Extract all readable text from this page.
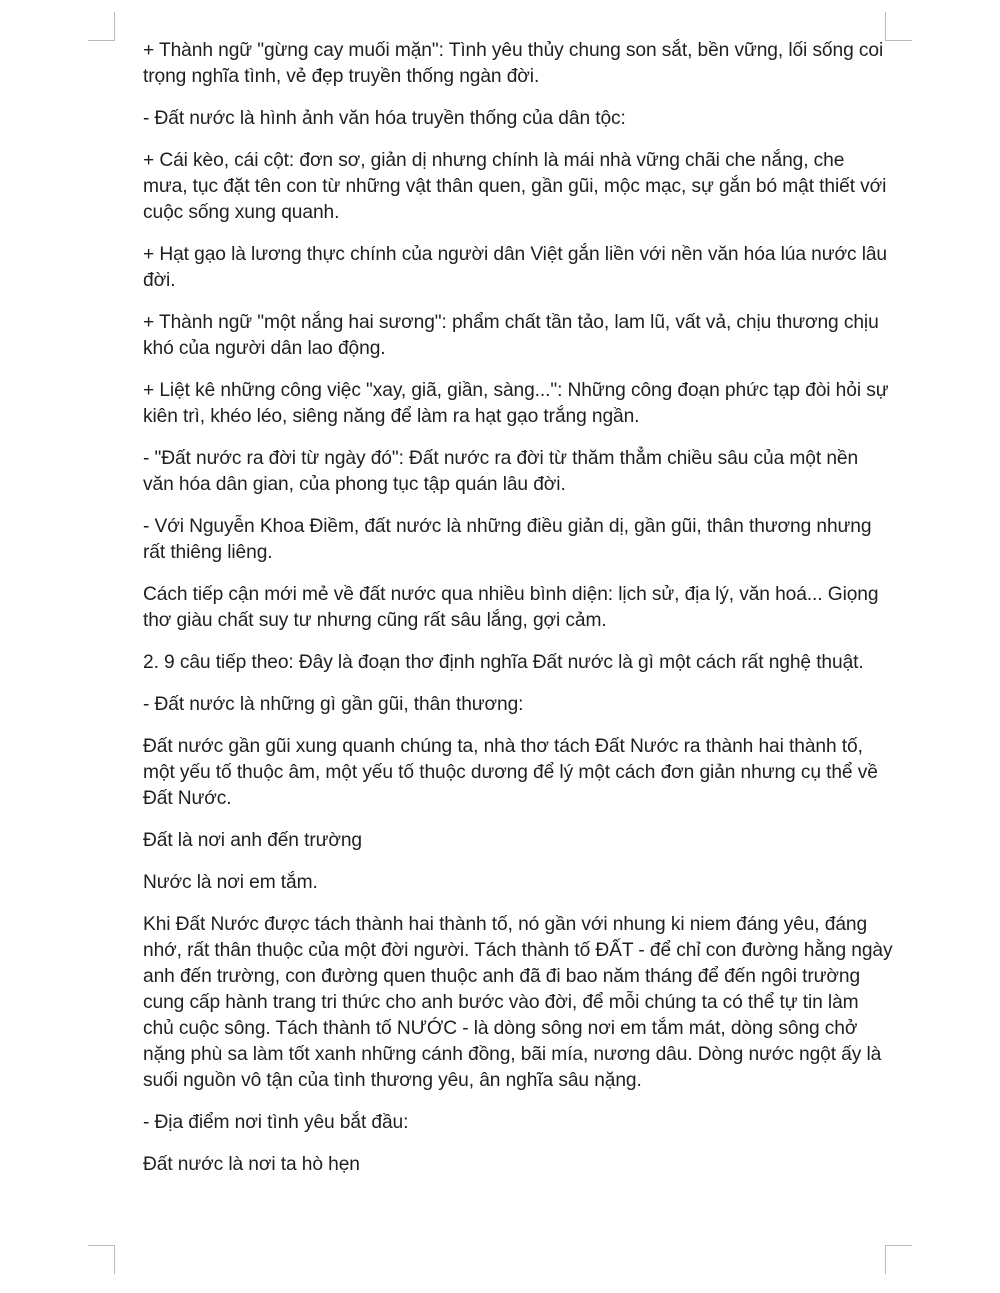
+ Thành ngữ "gừng cay muối mặn": Tình yêu thủy chung son sắt, bền vững, lối sống coi trọng nghĩa tình, vẻ đẹp truyền thống ngàn đời.

- Đất nước là hình ảnh văn hóa truyền thống của dân tộc:

+ Cái kèo, cái cột: đơn sơ, giản dị nhưng chính là mái nhà vững chãi che nắng, che mưa, tục đặt tên con từ những vật thân quen, gần gũi, mộc mạc, sự gắn bó mật thiết với cuộc sống xung quanh.

+ Hạt gạo là lương thực chính của người dân Việt gắn liền với nền văn hóa lúa nước lâu đời.

+ Thành ngữ "một nắng hai sương": phẩm chất tần tảo, lam lũ, vất vả, chịu thương chịu khó của người dân lao động.

+ Liệt kê những công việc "xay, giã, giần, sàng...": Những công đoạn phức tạp đòi hỏi sự kiên trì, khéo léo, siêng năng để làm ra hạt gạo trắng ngần.

- "Đất nước ra đời từ ngày đó": Đất nước ra đời từ thăm thẳm chiều sâu của một nền văn hóa dân gian, của phong tục tập quán lâu đời.

- Với Nguyễn Khoa Điềm, đất nước là những điều giản dị, gần gũi, thân thương nhưng rất thiêng liêng.

Cách tiếp cận mới mẻ về đất nước qua nhiều bình diện: lịch sử, địa lý, văn hoá... Giọng thơ giàu chất suy tư nhưng cũng rất sâu lắng, gợi cảm.

2. 9 câu tiếp theo: Đây là đoạn thơ định nghĩa Đất nước là gì một cách rất nghệ thuật.

- Đất nước là những gì gần gũi, thân thương:

Đất nước gần gũi xung quanh chúng ta, nhà thơ tách Đất Nước ra thành hai thành tố, một yếu tố thuộc âm, một yếu tố thuộc dương để lý một cách đơn giản nhưng cụ thể về Đất Nước.

Đất là nơi anh đến trường

Nước là nơi em tắm.

Khi Đất Nước được tách thành hai thành tố, nó gần với nhung ki niem đáng yêu, đáng nhớ, rất thân thuộc của một đời người. Tách thành tố ĐẤT - để chỉ con đường hằng ngày anh đến trường, con đường quen thuộc anh đã đi bao năm tháng để đến ngôi trường cung cấp hành trang tri thức cho anh bước vào đời, để mỗi chúng ta có thể tự tin làm chủ cuộc sông. Tách thành tố NƯỚC - là dòng sông nơi em tắm mát, dòng sông chở nặng phù sa làm tốt xanh những cánh đồng, bãi mía, nương dâu. Dòng nước ngột ấy là suối nguồn vô tận của tình thương yêu, ân nghĩa sâu nặng.

- Địa điểm nơi tình yêu bắt đầu:

Đất nước là nơi ta hò hẹn
